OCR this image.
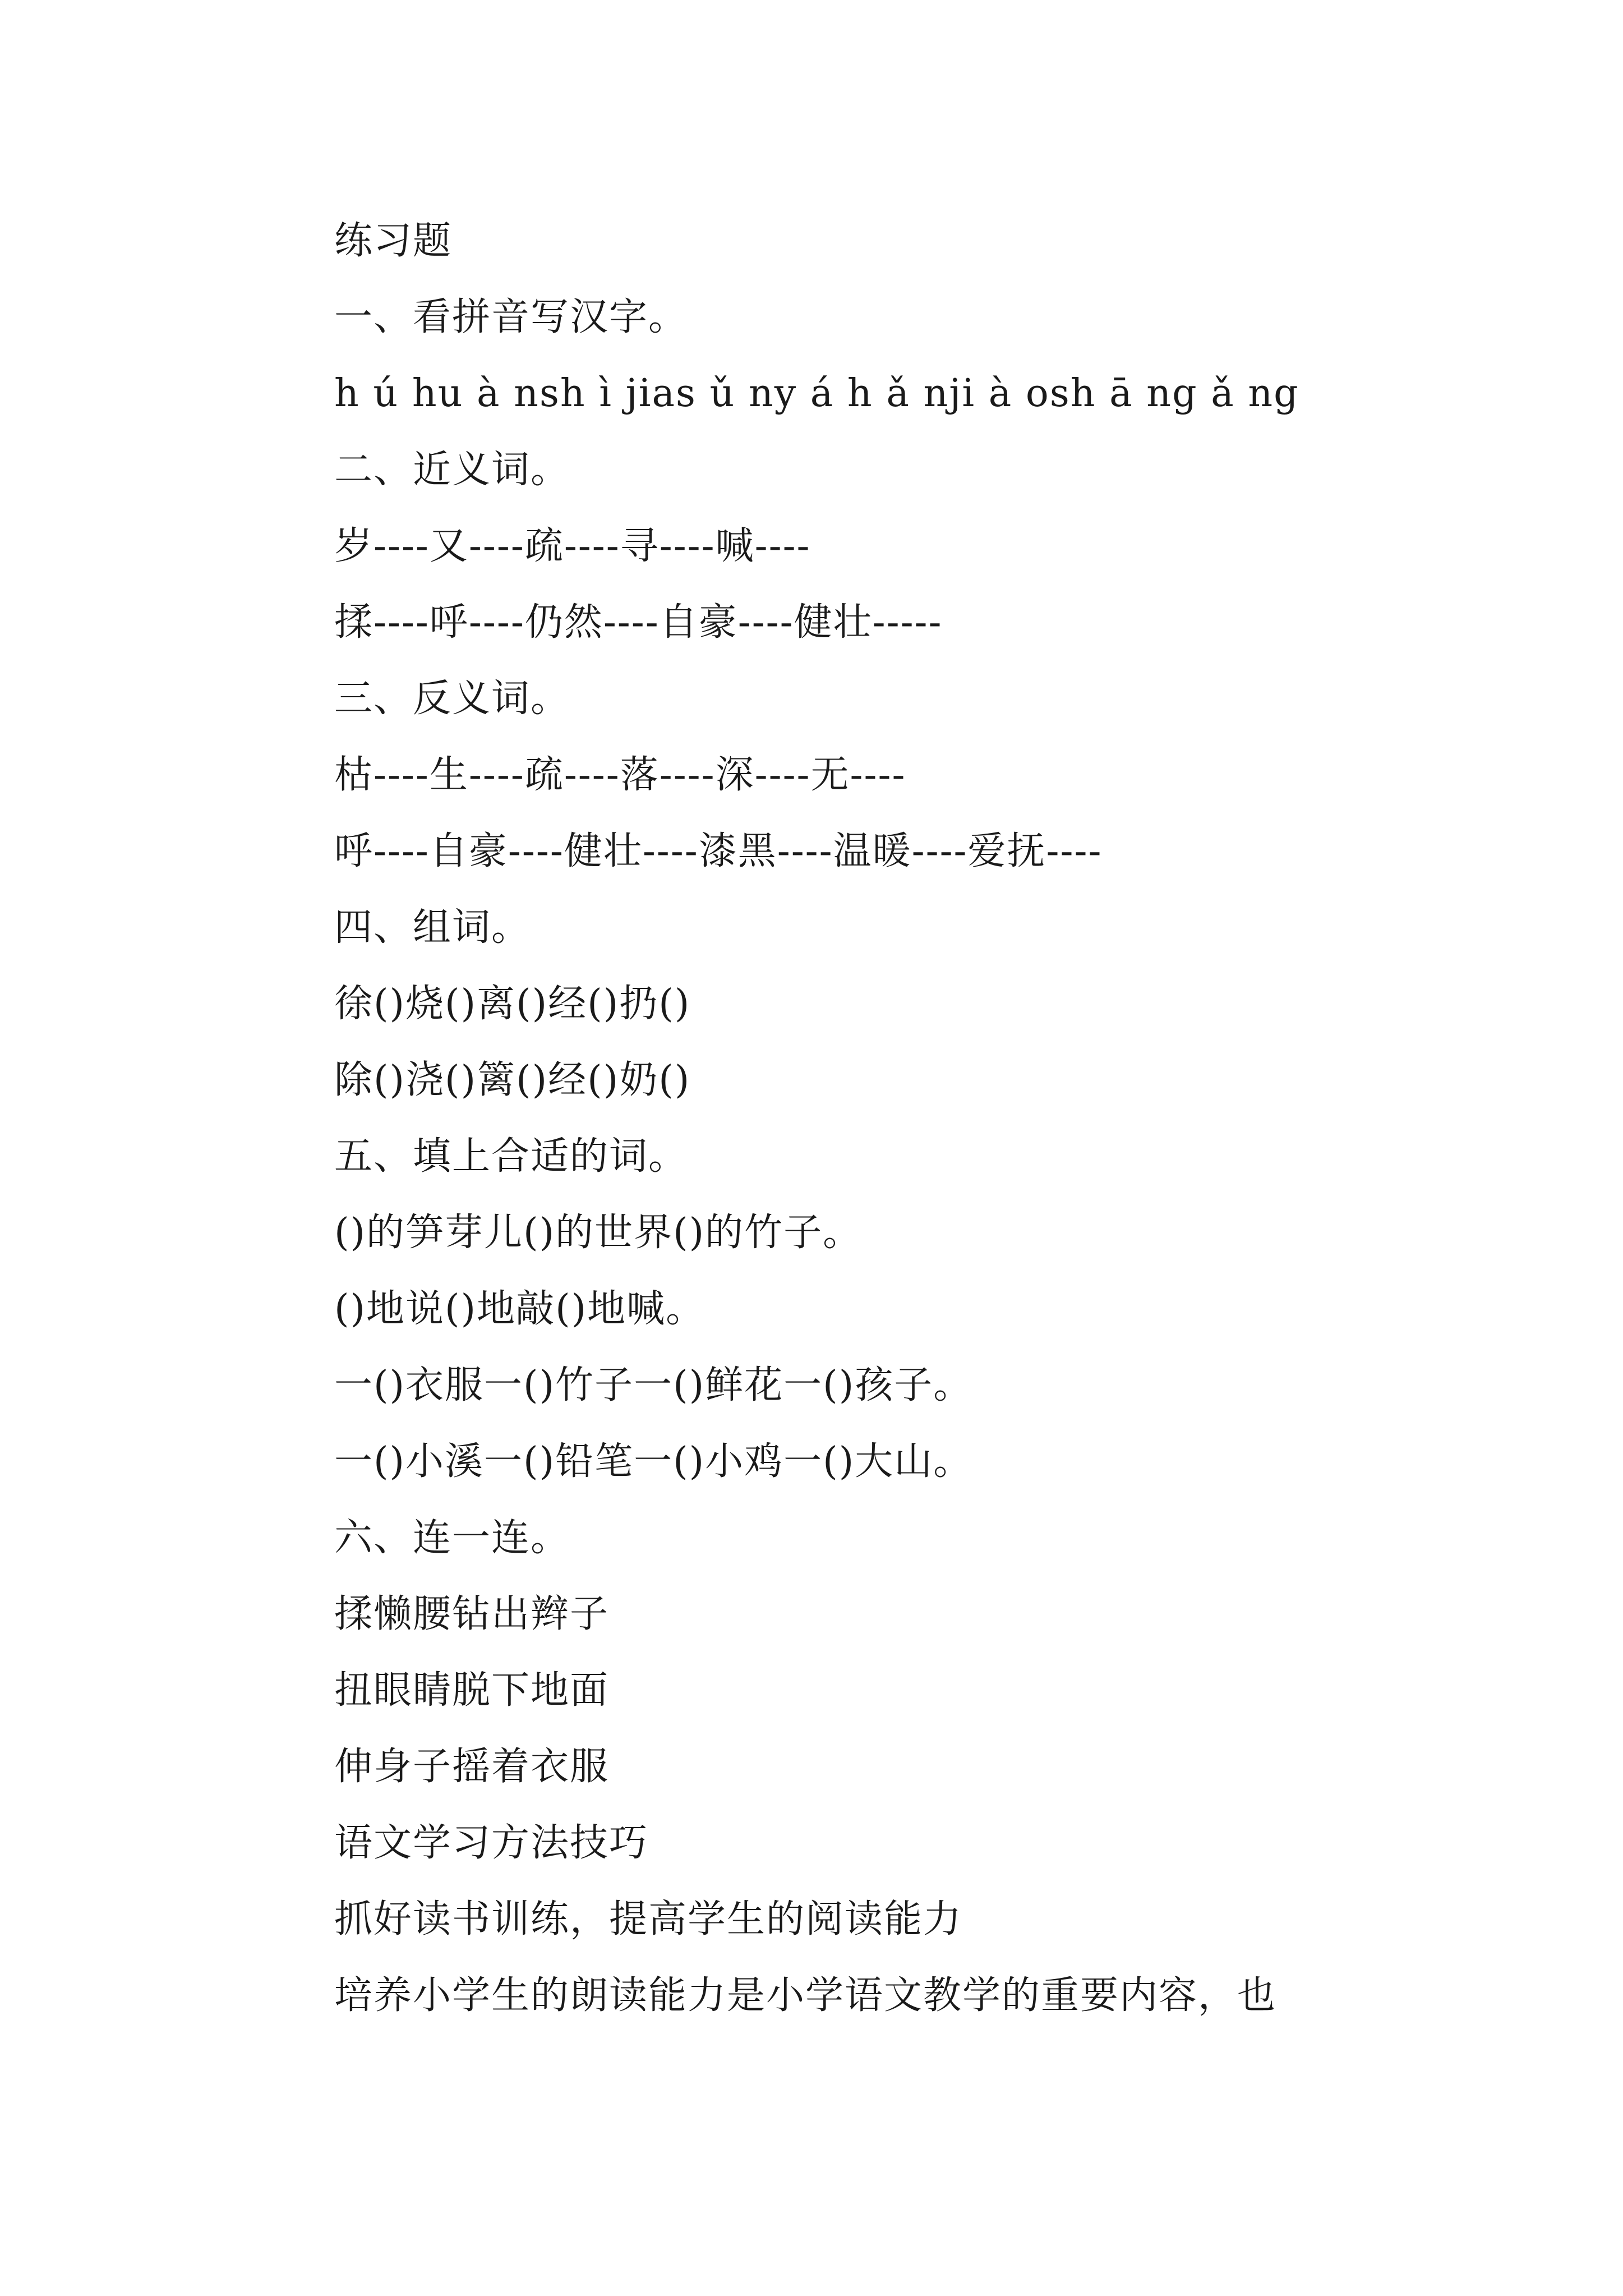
练习题
一、看拼音写汉字。
h ú hu à nsh ì jias ǔ ny á h ǎ nji à osh ā ng ǎ ng
二、近义词。
岁----又----疏----寻----喊----
揉----呼----仍然----自豪----健壮-----
三、反义词。
枯----生----疏----落----深----无----
呼----自豪----健壮----漆黑----温暖----爱抚----
四、组词。
徐()烧()离()经()扔()
除()浇()篱()经()奶()
五、填上合适的词。
()的笋芽儿()的世界()的竹子。
()地说()地敲()地喊。
一()衣服一()竹子一()鲜花一()孩子。
一()小溪一()铅笔一()小鸡一()大山。
六、连一连。
揉懒腰钻出辫子
扭眼睛脱下地面
伸身子摇着衣服
语文学习方法技巧
抓好读书训练，提高学生的阅读能力
培养小学生的朗读能力是小学语文教学的重要内容，也
